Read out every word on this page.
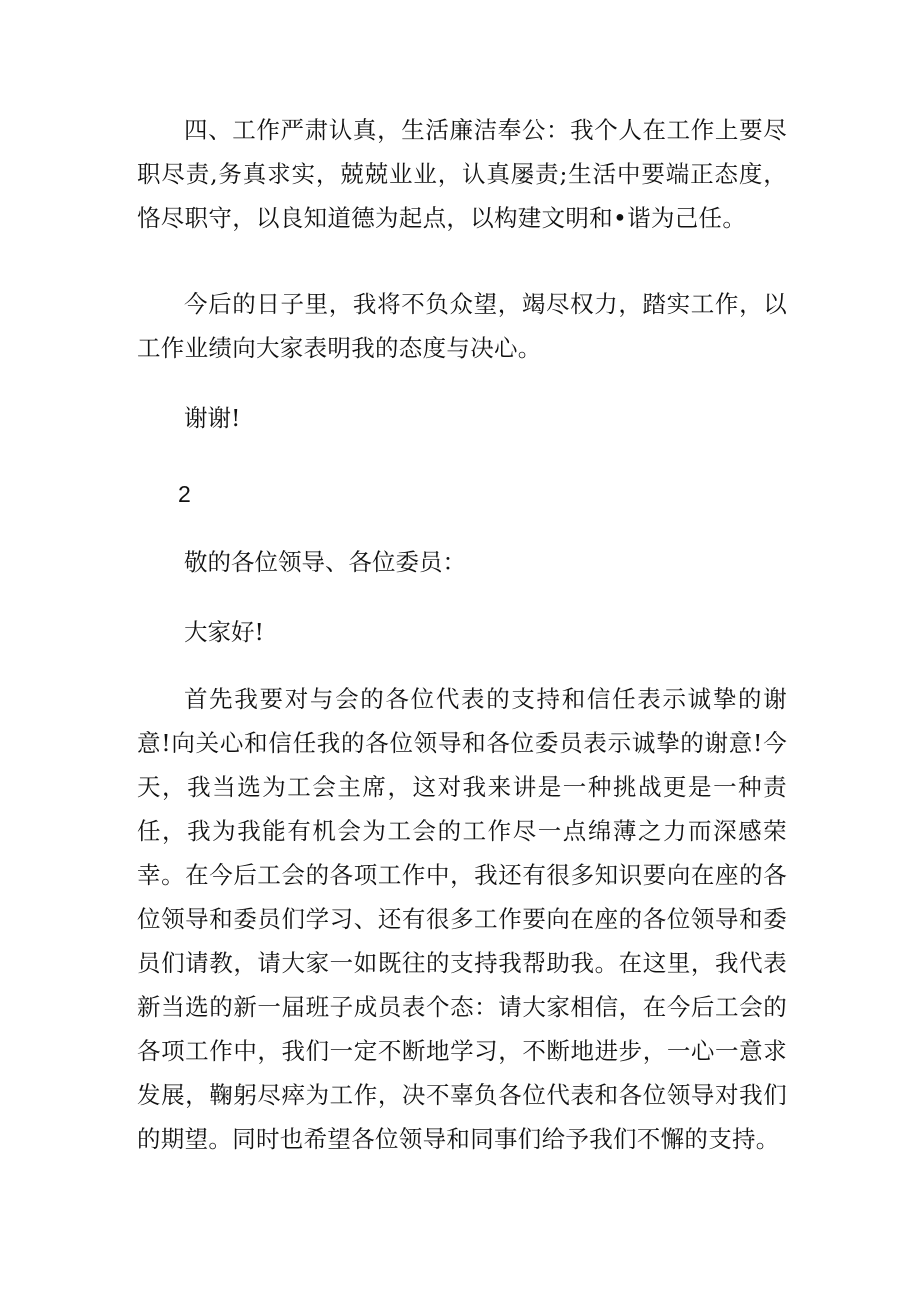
四、工作严肃认真，生活廉洁奉公：我个人在工作上要尽职尽责,务真求实，兢兢业业，认真屡责;生活中要端正态度，恪尽职守，以良知道德为起点，以构建文明和•谐为己任。

今后的日子里，我将不负众望，竭尽权力，踏实工作，以工作业绩向大家表明我的态度与决心。

谢谢!

2

敬的各位领导、各位委员：

大家好!

首先我要对与会的各位代表的支持和信任表示诚挚的谢意!向关心和信任我的各位领导和各位委员表示诚挚的谢意!今天，我当选为工会主席，这对我来讲是一种挑战更是一种责任，我为我能有机会为工会的工作尽一点绵薄之力而深感荣幸。在今后工会的各项工作中，我还有很多知识要向在座的各位领导和委员们学习、还有很多工作要向在座的各位领导和委员们请教，请大家一如既往的支持我帮助我。在这里，我代表新当选的新一届班子成员表个态：请大家相信，在今后工会的各项工作中，我们一定不断地学习，不断地进步，一心一意求发展，鞠躬尽瘁为工作，决不辜负各位代表和各位领导对我们的期望。同时也希望各位领导和同事们给予我们不懈的支持。
